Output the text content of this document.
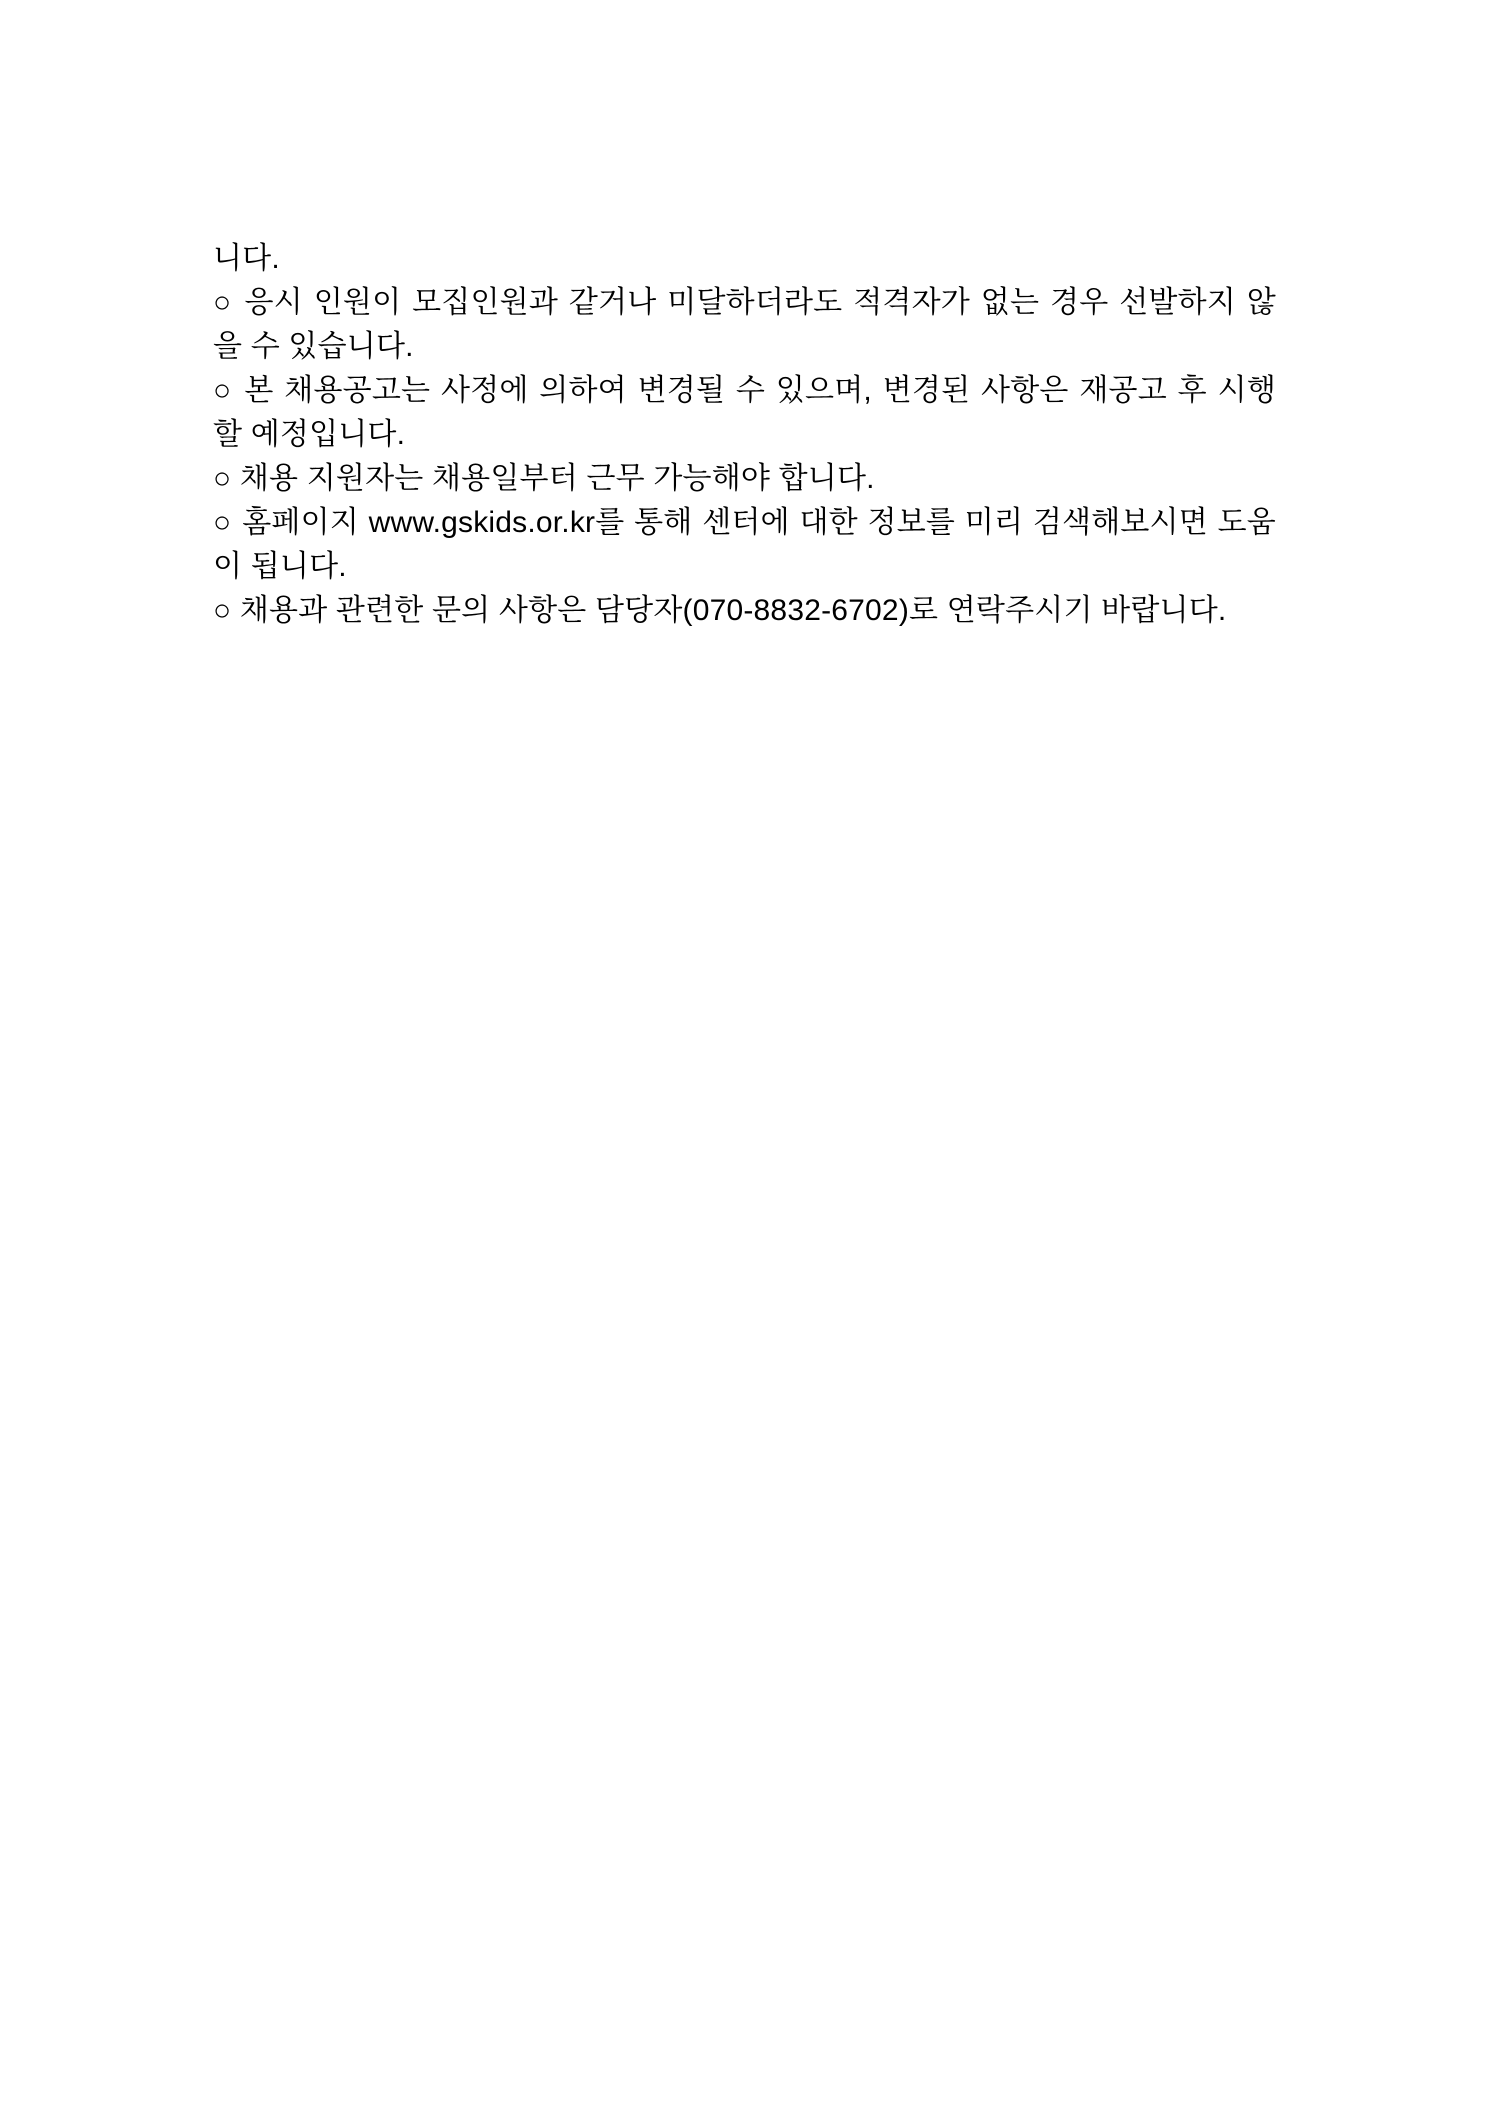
니다.
○ 응시 인원이 모집인원과 같거나 미달하더라도 적격자가 없는 경우 선발하지 않
을 수 있습니다.
○ 본 채용공고는 사정에 의하여 변경될 수 있으며, 변경된 사항은 재공고 후 시행
할 예정입니다.
○ 채용 지원자는 채용일부터 근무 가능해야 합니다.
○ 홈페이지 www.gskids.or.kr를 통해 센터에 대한 정보를 미리 검색해보시면 도움
이 됩니다.
○ 채용과 관련한 문의 사항은 담당자(070-8832-6702)로 연락주시기 바랍니다.
